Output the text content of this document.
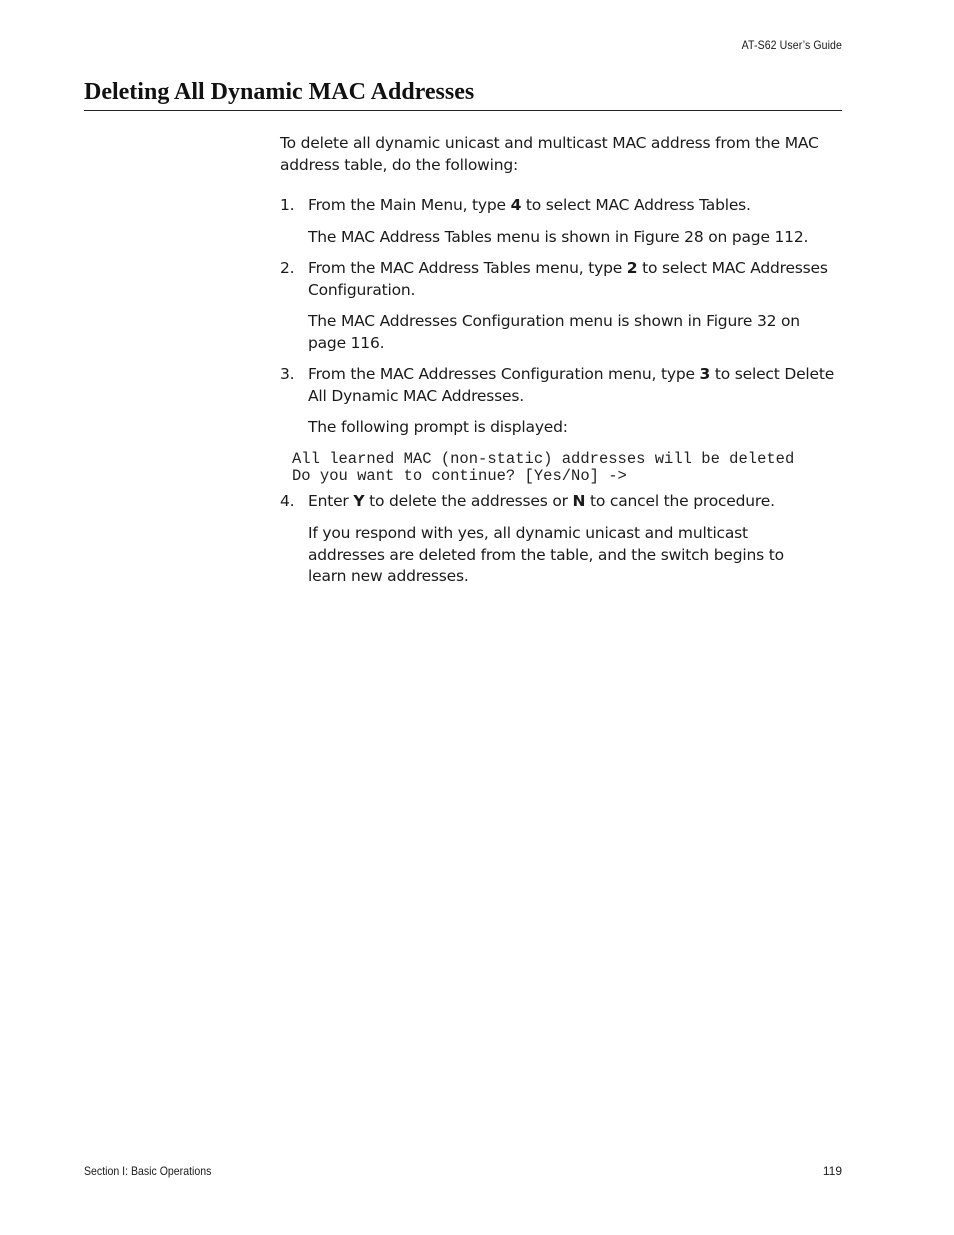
AT-S62 User’s Guide
Deleting All Dynamic MAC Addresses
To delete all dynamic unicast and multicast MAC address from the MAC address table, do the following:
1. From the Main Menu, type 4 to select MAC Address Tables.
The MAC Address Tables menu is shown in Figure 28 on page 112.
2. From the MAC Address Tables menu, type 2 to select MAC Addresses Configuration.
The MAC Addresses Configuration menu is shown in Figure 32 on page 116.
3. From the MAC Addresses Configuration menu, type 3 to select Delete All Dynamic MAC Addresses.
The following prompt is displayed:
All learned MAC (non-static) addresses will be deleted
Do you want to continue? [Yes/No] ->
4. Enter Y to delete the addresses or N to cancel the procedure.
If you respond with yes, all dynamic unicast and multicast addresses are deleted from the table, and the switch begins to learn new addresses.
Section I: Basic Operations	119
